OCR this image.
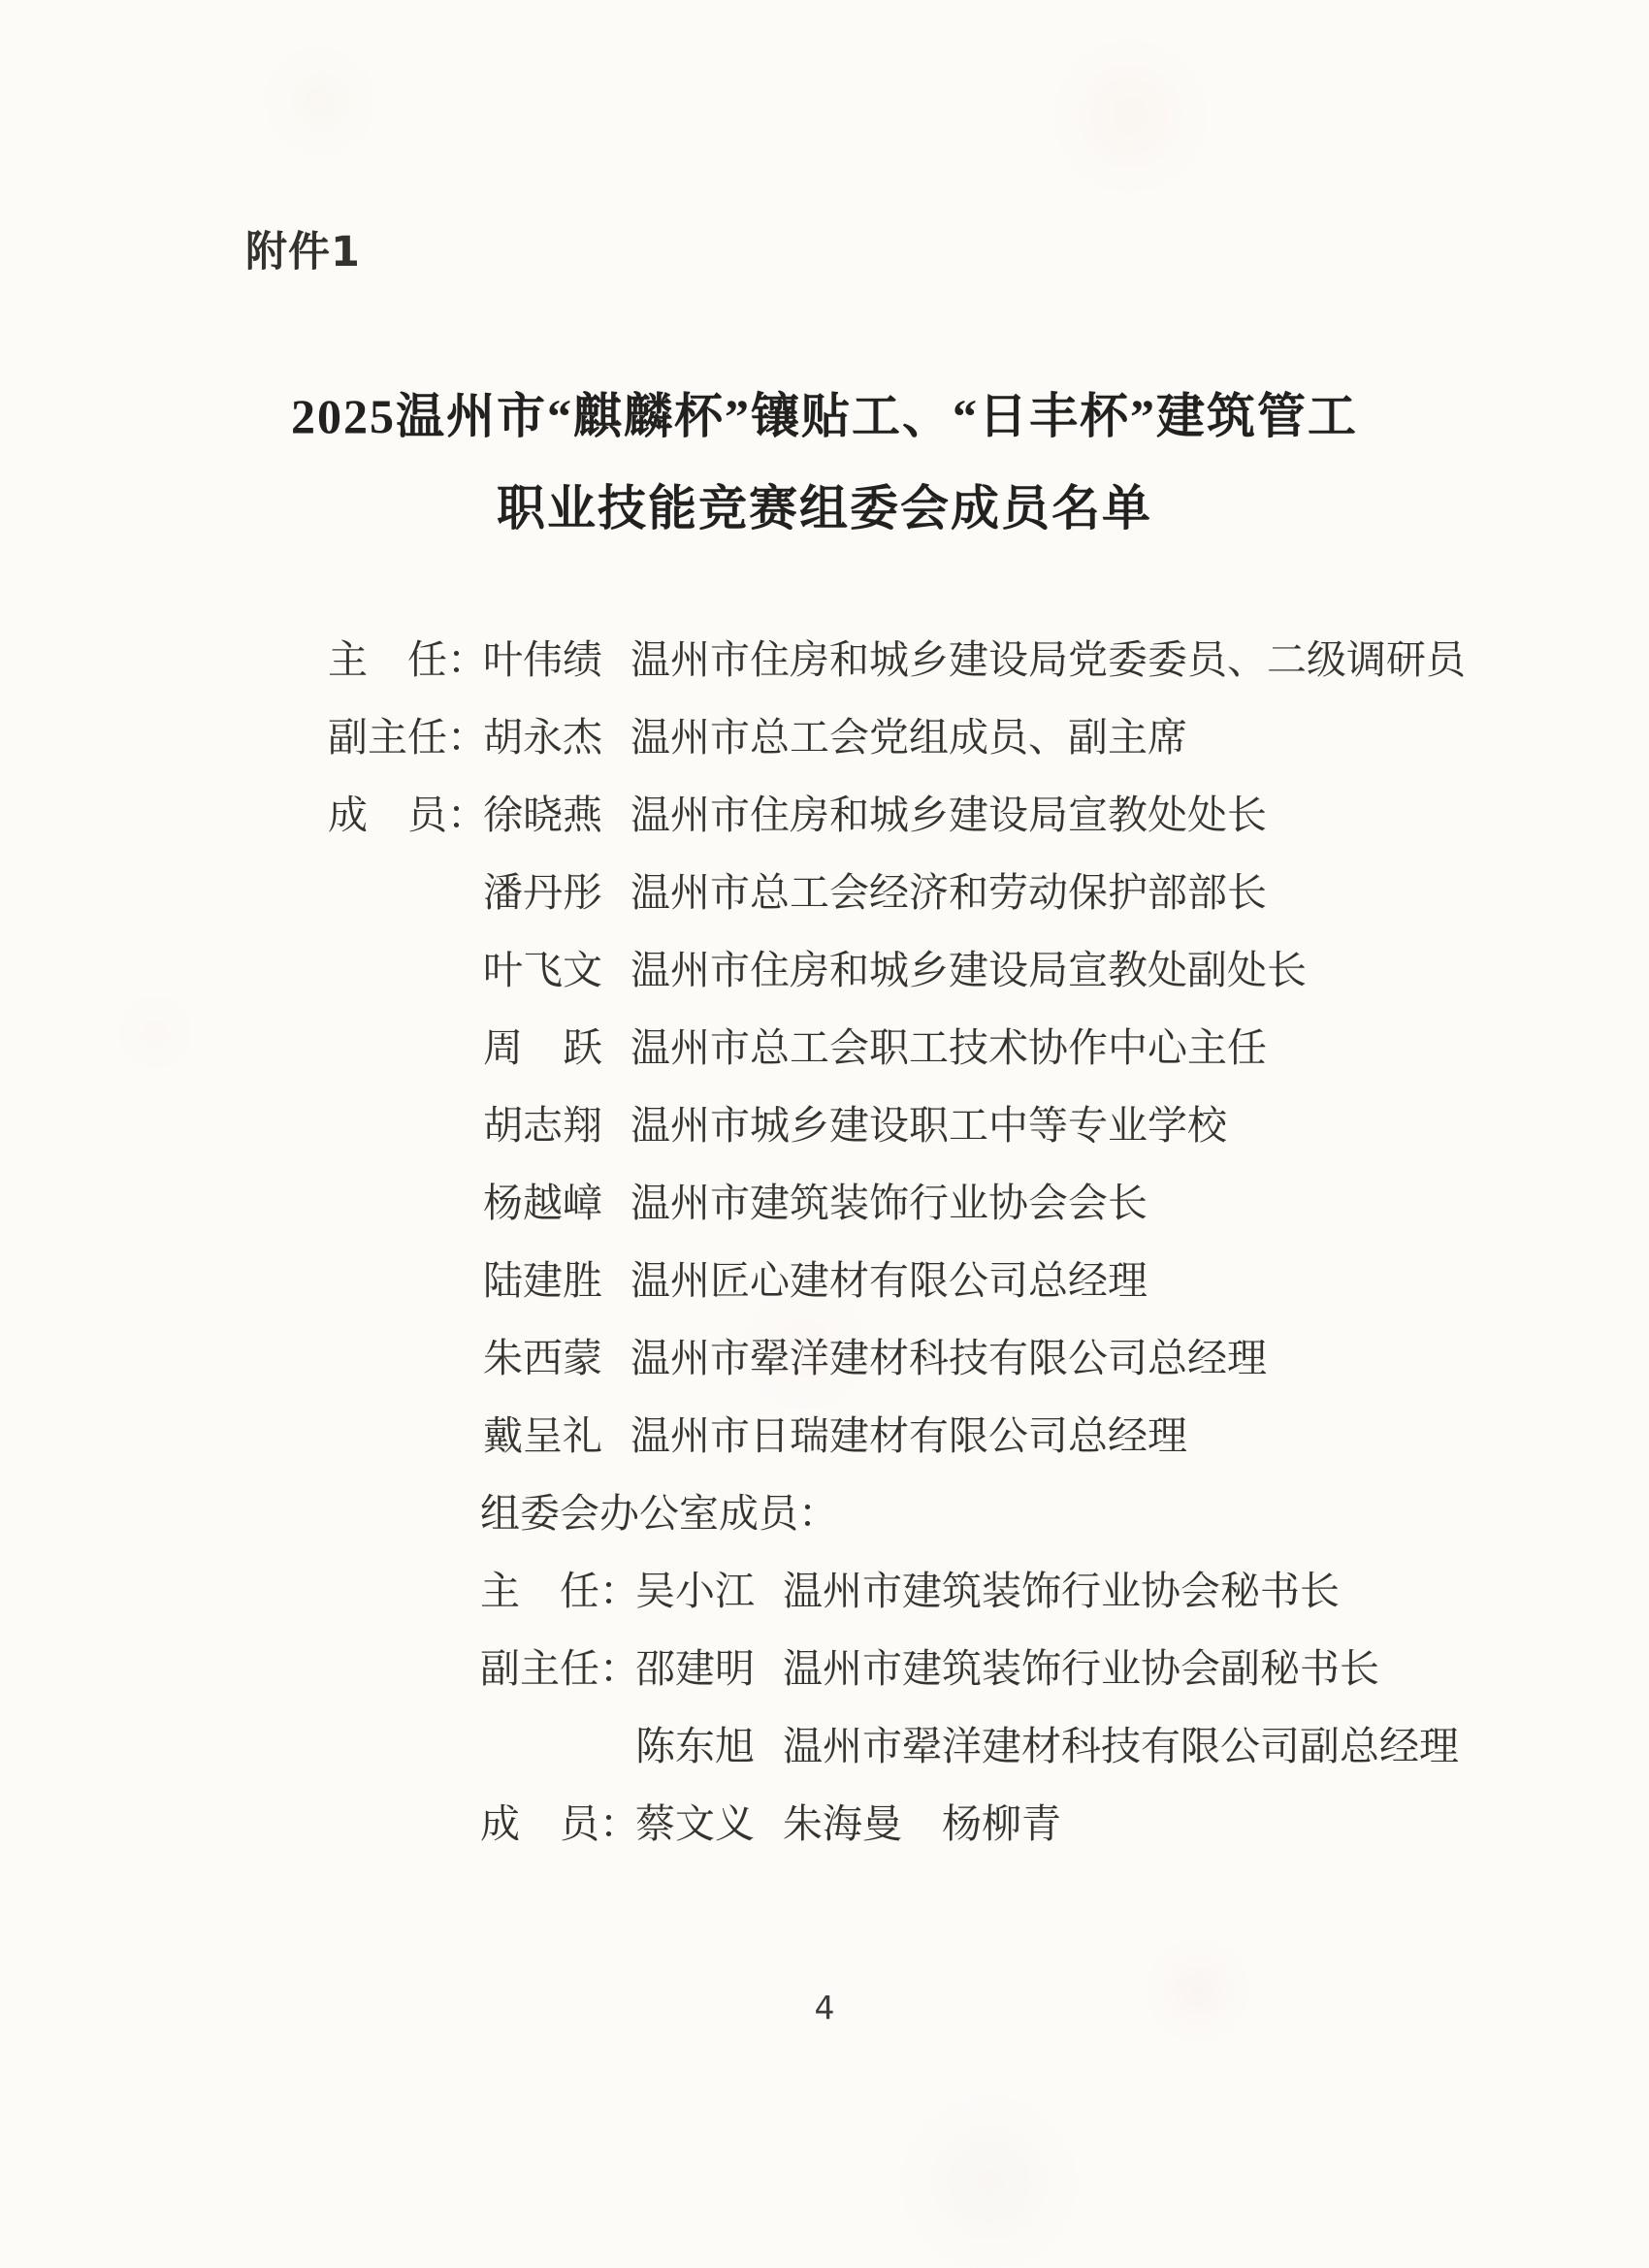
附件1
2025温州市“麒麟杯”镶贴工、“日丰杯”建筑管工
职业技能竞赛组委会成员名单
主　任：
叶伟绩 温州市住房和城乡建设局党委委员、二级调研员
副主任：
胡永杰 温州市总工会党组成员、副主席
成　员：
徐晓燕 温州市住房和城乡建设局宣教处处长
潘丹彤 温州市总工会经济和劳动保护部部长
叶飞文 温州市住房和城乡建设局宣教处副处长
周　跃 温州市总工会职工技术协作中心主任
胡志翔 温州市城乡建设职工中等专业学校
杨越嶂 温州市建筑装饰行业协会会长
陆建胜 温州匠心建材有限公司总经理
朱西蒙 温州市翚洋建材科技有限公司总经理
戴呈礼 温州市日瑞建材有限公司总经理
组委会办公室成员：
主　任：
吴小江 温州市建筑装饰行业协会秘书长
副主任：
邵建明 温州市建筑装饰行业协会副秘书长
陈东旭 温州市翚洋建材科技有限公司副总经理
成　员：
蔡文义 朱海曼　杨柳青
4
